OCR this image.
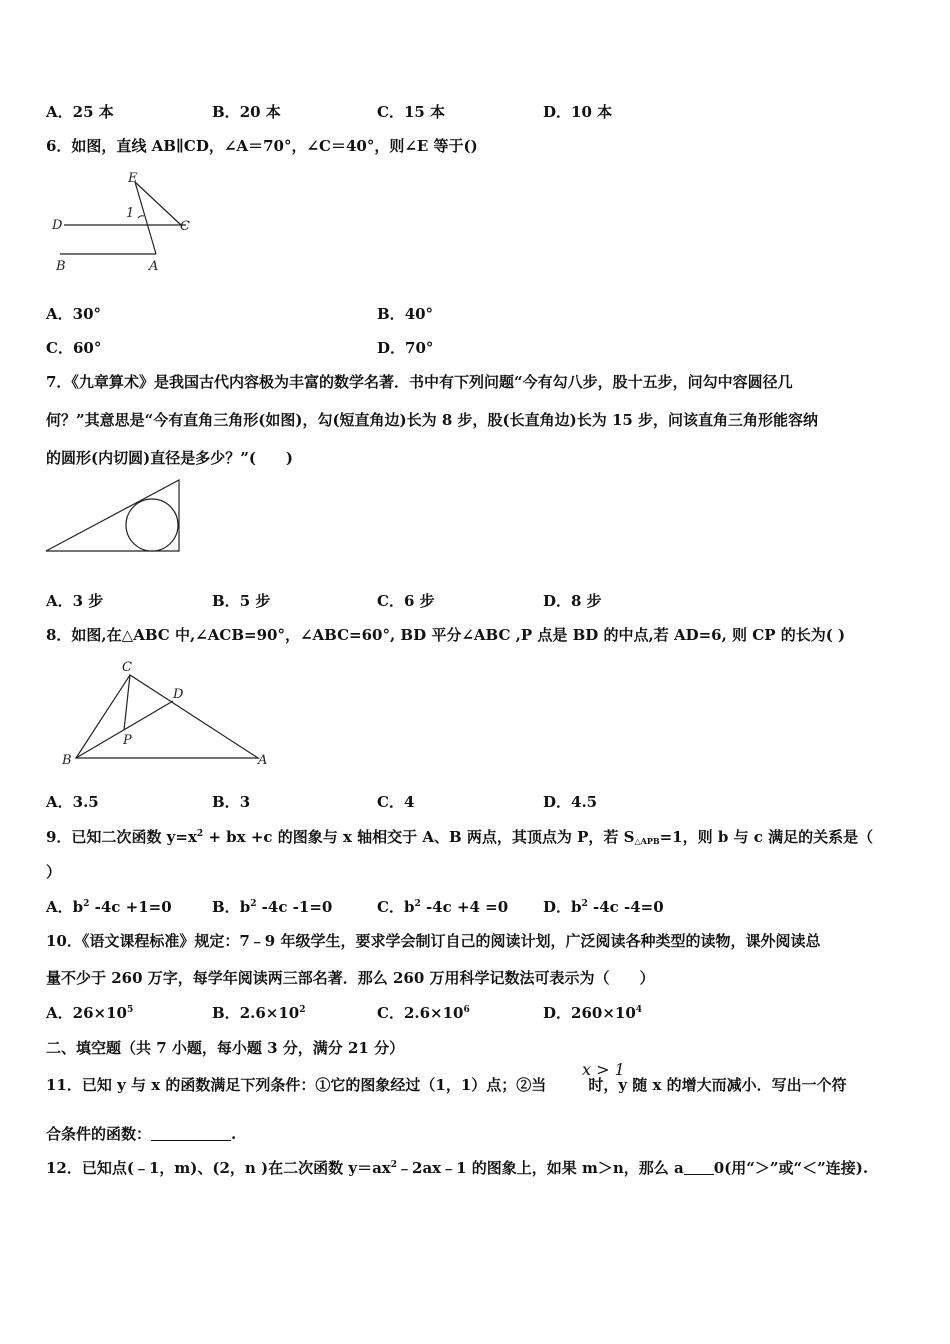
A．25 本	B．20 本	C．15 本	D．10 本
6．如图，直线 AB∥CD，∠A＝70°，∠C＝40°，则∠E 等于()
E
1
D	C
B	A
A．30°	B．40°
C．60°	D．70°
7．《九章算术》是我国古代内容极为丰富的数学名著．书中有下列问题“今有勾八步，股十五步，问勾中容圆径几
何？”其意思是“今有直角三角形(如图)，勾(短直角边)长为 8 步，股(长直角边)长为 15 步，问该直角三角形能容纳
的圆形(内切圆)直径是多少？”(　　)
A．3 步	B．5 步	C．6 步	D．8 步
8．如图,在△ABC 中,∠ACB=90°，∠ABC=60°, BD 平分∠ABC ,P 点是 BD 的中点,若 AD=6, 则 CP 的长为( )
C
D
P
B	A
A．3.5	B．3	C．4	D．4.5
9．已知二次函数 $y=x^2$ + bx +c 的图象与 x 轴相交于 A、B 两点，其顶点为 P，若 $S_{\triangle APB}=1$，则 b 与 c 满足的关系是（
）
A．$b^2$ -4c +1=0	B．$b^2$ -4c -1=0	C．$b^2$ -4c +4 =0 D．$b^2$ -4c -4=0
10．《语文课程标准》规定：7﹣9 年级学生，要求学会制订自己的阅读计划，广泛阅读各种类型的读物，课外阅读总
量不少于 260 万字，每学年阅读两三部名著．那么 260 万用科学记数法可表示为（　　）
A．$26\times 10^5$	B．$2.6\times 10^2$	C．$2.6\times 10^6$	D．$260\times 10^4$
二、填空题（共 7 小题，每小题 3 分，满分 21 分）
11．已知 y 与 x 的函数满足下列条件：①它的图象经过（1，1）点；②当	时，y 随 x 的增大而减小．写出一个符
x > 1
合条件的函数：	.
12．已知点(﹣1，m)、(2，n )在二次函数 $y=ax^2﹣2ax﹣1$ 的图象上，如果 m＞n，那么 a 0(用“＞”或“＜”连接).
